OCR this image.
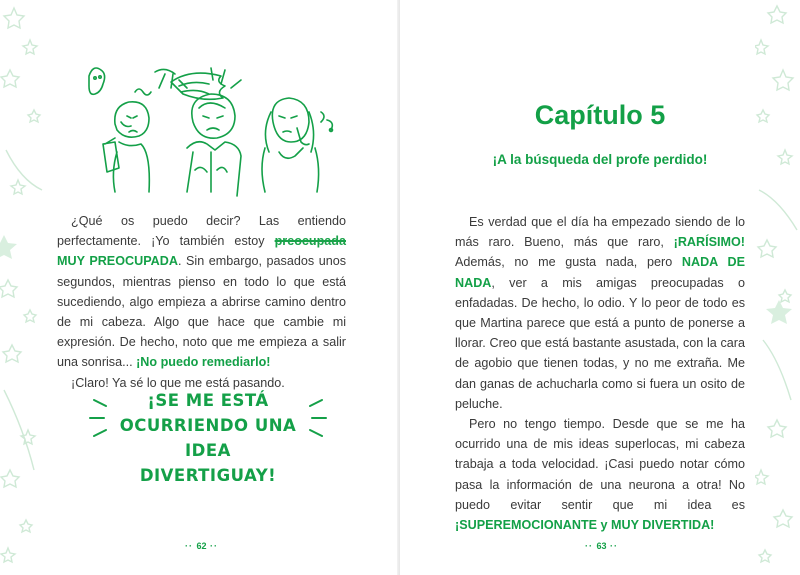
¿Qué os puedo decir? Las entiendo perfectamente. ¡Yo también estoy preocupada MUY PREOCUPADA. Sin embargo, pasados unos segundos, mientras pienso en todo lo que está sucediendo, algo empieza a abrirse camino dentro de mi cabeza. Algo que hace que cambie mi expresión. De hecho, noto que me empieza a salir una sonrisa... ¡No puedo remediarlo!

¡Claro! Ya sé lo que me está pasando.

¡SE ME ESTÁ
OCURRIENDO UNA
IDEA DIVERTIGUAY!
·· 62 ··
Capítulo 5
¡A la búsqueda del profe perdido!

Es verdad que el día ha empezado siendo de lo más raro. Bueno, más que raro, ¡RARÍSIMO! Además, no me gusta nada, pero NADA DE NADA, ver a mis amigas preocupadas o enfadadas. De hecho, lo odio. Y lo peor de todo es que Martina parece que está a punto de ponerse a llorar. Creo que está bastante asustada, con la cara de agobio que tienen todas, y no me extraña. Me dan ganas de achucharla como si fuera un osito de peluche.

Pero no tengo tiempo. Desde que se me ha ocurrido una de mis ideas superlocas, mi cabeza trabaja a toda velocidad. ¡Casi puedo notar cómo pasa la información de una neurona a otra! No puedo evitar sentir que mi idea es ¡SUPEREMOCIONANTE y MUY DIVERTIDA!

·· 63 ··
